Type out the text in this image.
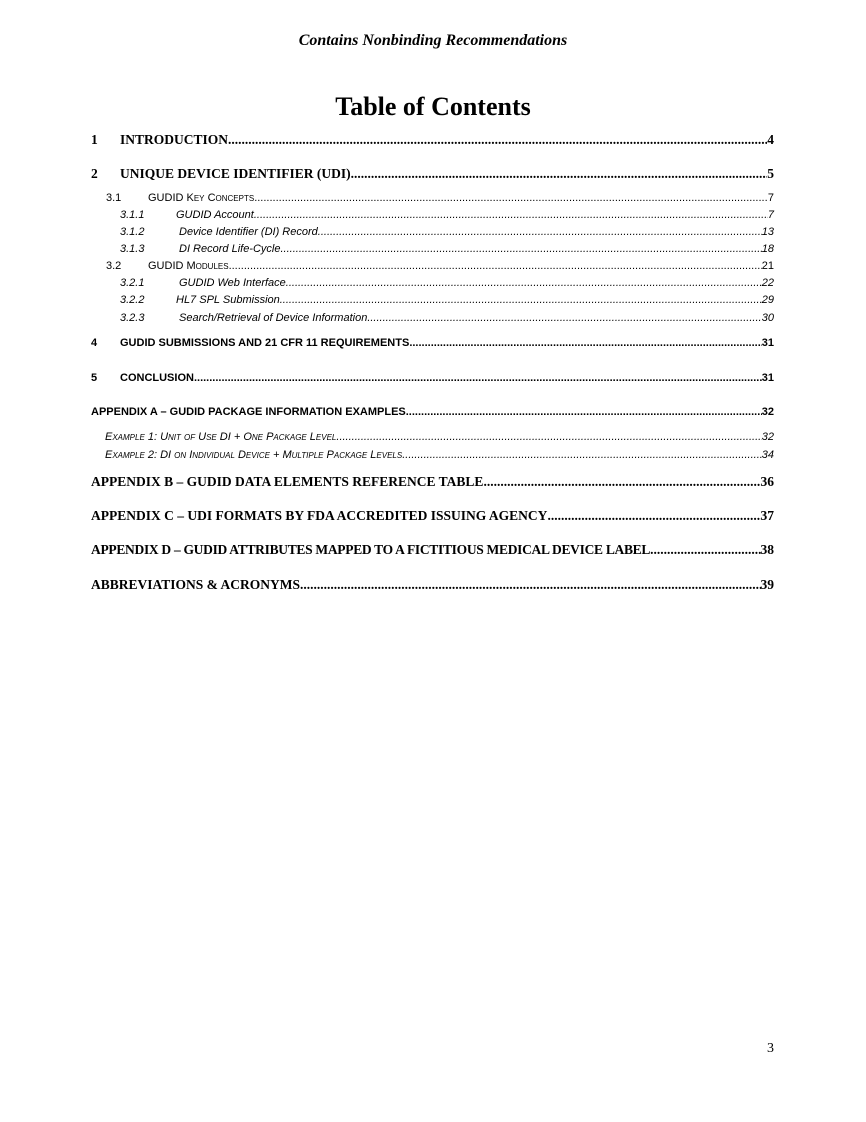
Contains Nonbinding Recommendations
Table of Contents
1	INTRODUCTION .....	4
2	UNIQUE DEVICE IDENTIFIER (UDI) .....	5
3.1	GUDID Key Concepts .....	7
3.1.1	GUDID Account .....	7
3.1.2	Device Identifier (DI) Record .....	13
3.1.3	DI Record Life-Cycle .....	18
3.2	GUDID Modules .....	21
3.2.1	GUDID Web Interface .....	22
3.2.2	HL7 SPL Submission .....	29
3.2.3	Search/Retrieval of Device Information .....	30
4	GUDID SUBMISSIONS AND 21 CFR 11 REQUIREMENTS .....	31
5	CONCLUSION .....	31
APPENDIX A – GUDID PACKAGE INFORMATION EXAMPLES .....	32
Example 1: Unit of Use DI + One Package Level .....	32
Example 2: DI on Individual Device + Multiple Package Levels .....	34
APPENDIX B – GUDID DATA ELEMENTS REFERENCE TABLE .....	36
APPENDIX C – UDI FORMATS BY FDA ACCREDITED ISSUING AGENCY .....	37
APPENDIX D – GUDID ATTRIBUTES MAPPED TO A FICTITIOUS MEDICAL DEVICE LABEL .....	38
ABBREVIATIONS & ACRONYMS .....	39
3
